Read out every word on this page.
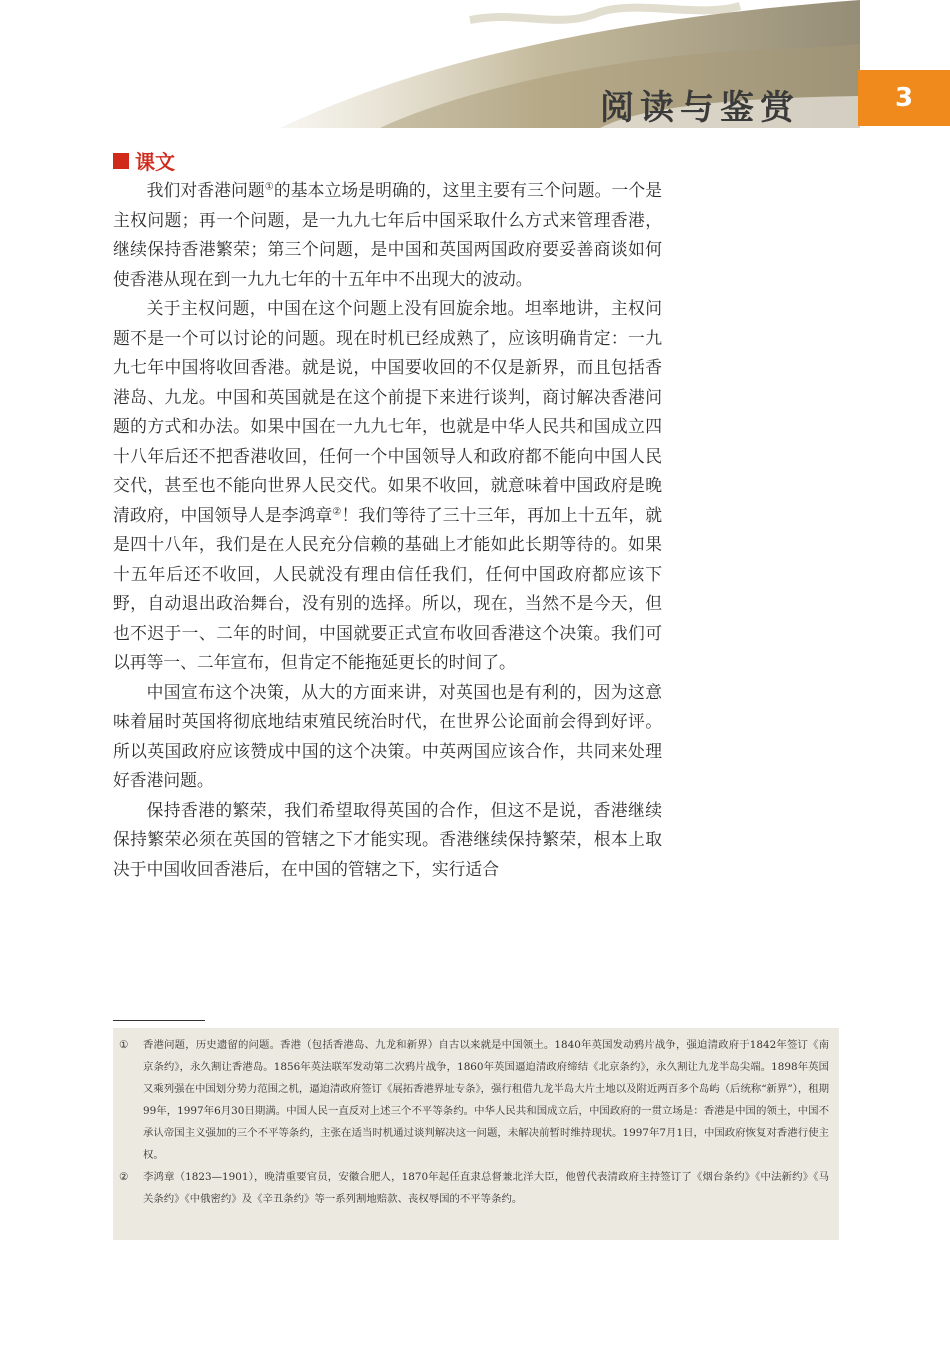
阅读与鉴赏	3
课文

我们对香港问题①的基本立场是明确的，这里主要有三个问题。一个是主权问题；再一个问题，是一九九七年后中国采取什么方式来管理香港，继续保持香港繁荣；第三个问题，是中国和英国两国政府要妥善商谈如何使香港从现在到一九九七年的十五年中不出现大的波动。

关于主权问题，中国在这个问题上没有回旋余地。坦率地讲，主权问题不是一个可以讨论的问题。现在时机已经成熟了，应该明确肯定：一九九七年中国将收回香港。就是说，中国要收回的不仅是新界，而且包括香港岛、九龙。中国和英国就是在这个前提下来进行谈判，商讨解决香港问题的方式和办法。如果中国在一九九七年，也就是中华人民共和国成立四十八年后还不把香港收回，任何一个中国领导人和政府都不能向中国人民交代，甚至也不能向世界人民交代。如果不收回，就意味着中国政府是晚清政府，中国领导人是李鸿章②！我们等待了三十三年，再加上十五年，就是四十八年，我们是在人民充分信赖的基础上才能如此长期等待的。如果十五年后还不收回，人民就没有理由信任我们，任何中国政府都应该下野，自动退出政治舞台，没有别的选择。所以，现在，当然不是今天，但也不迟于一、二年的时间，中国就要正式宣布收回香港这个决策。我们可以再等一、二年宣布，但肯定不能拖延更长的时间了。

中国宣布这个决策，从大的方面来讲，对英国也是有利的，因为这意味着届时英国将彻底地结束殖民统治时代，在世界公论面前会得到好评。所以英国政府应该赞成中国的这个决策。中英两国应该合作，共同来处理好香港问题。

保持香港的繁荣，我们希望取得英国的合作，但这不是说，香港继续保持繁荣必须在英国的管辖之下才能实现。香港继续保持繁荣，根本上取决于中国收回香港后，在中国的管辖之下，实行适合

①	香港问题，历史遗留的问题。香港（包括香港岛、九龙和新界）自古以来就是中国领土。1840年英国发动鸦片战争，强迫清政府于1842年签订《南京条约》，永久割让香港岛。1856年英法联军发动第二次鸦片战争，1860年英国逼迫清政府缔结《北京条约》，永久割让九龙半岛尖端。1898年英国又乘列强在中国划分势力范围之机，逼迫清政府签订《展拓香港界址专条》，强行租借九龙半岛大片土地以及附近两百多个岛屿（后统称“新界”），租期99年，1997年6月30日期满。中国人民一直反对上述三个不平等条约。中华人民共和国成立后，中国政府的一贯立场是：香港是中国的领土，中国不承认帝国主义强加的三个不平等条约，主张在适当时机通过谈判解决这一问题，未解决前暂时维持现状。1997年7月1日，中国政府恢复对香港行使主权。
②	李鸿章（1823—1901），晚清重要官员，安徽合肥人，1870年起任直隶总督兼北洋大臣，他曾代表清政府主持签订了《烟台条约》《中法新约》《马关条约》《中俄密约》及《辛丑条约》等一系列割地赔款、丧权辱国的不平等条约。
